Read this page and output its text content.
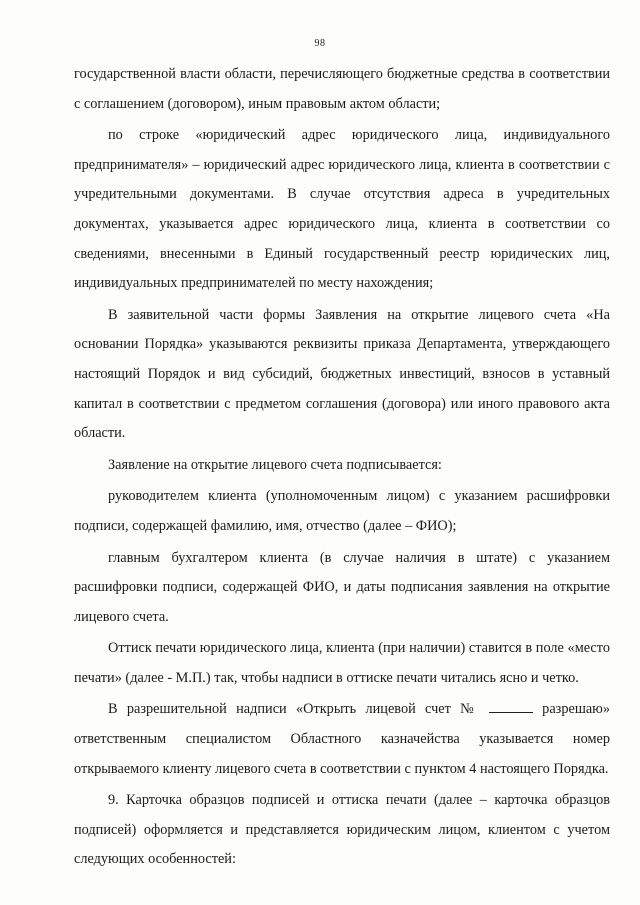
98

государственной власти области, перечисляющего бюджетные средства в соответствии с соглашением (договором), иным правовым актом области;

по строке «юридический адрес юридического лица, индивидуального предпринимателя» – юридический адрес юридического лица, клиента в соответствии с учредительными документами. В случае отсутствия адреса в учредительных документах, указывается адрес юридического лица, клиента в соответствии со сведениями, внесенными в Единый государственный реестр юридических лиц, индивидуальных предпринимателей по месту нахождения;

В заявительной части формы Заявления на открытие лицевого счета «На основании Порядка» указываются реквизиты приказа Департамента, утверждающего настоящий Порядок и вид субсидий, бюджетных инвестиций, взносов в уставный капитал в соответствии с предметом соглашения (договора) или иного правового акта области.

Заявление на открытие лицевого счета подписывается:

руководителем клиента (уполномоченным лицом) с указанием расшифровки подписи, содержащей фамилию, имя, отчество (далее – ФИО);

главным бухгалтером клиента (в случае наличия в штате) с указанием расшифровки подписи, содержащей ФИО, и даты подписания заявления на открытие лицевого счета.

Оттиск печати юридического лица, клиента (при наличии) ставится в поле «место печати» (далее - М.П.) так, чтобы надписи в оттиске печати читались ясно и четко.

В разрешительной надписи «Открыть лицевой счет №	разрешаю» ответственным специалистом Областного казначейства указывается номер открываемого клиенту лицевого счета в соответствии с пунктом 4 настоящего Порядка.

9. Карточка образцов подписей и оттиска печати (далее – карточка образцов подписей) оформляется и представляется юридическим лицом, клиентом с учетом следующих особенностей:
